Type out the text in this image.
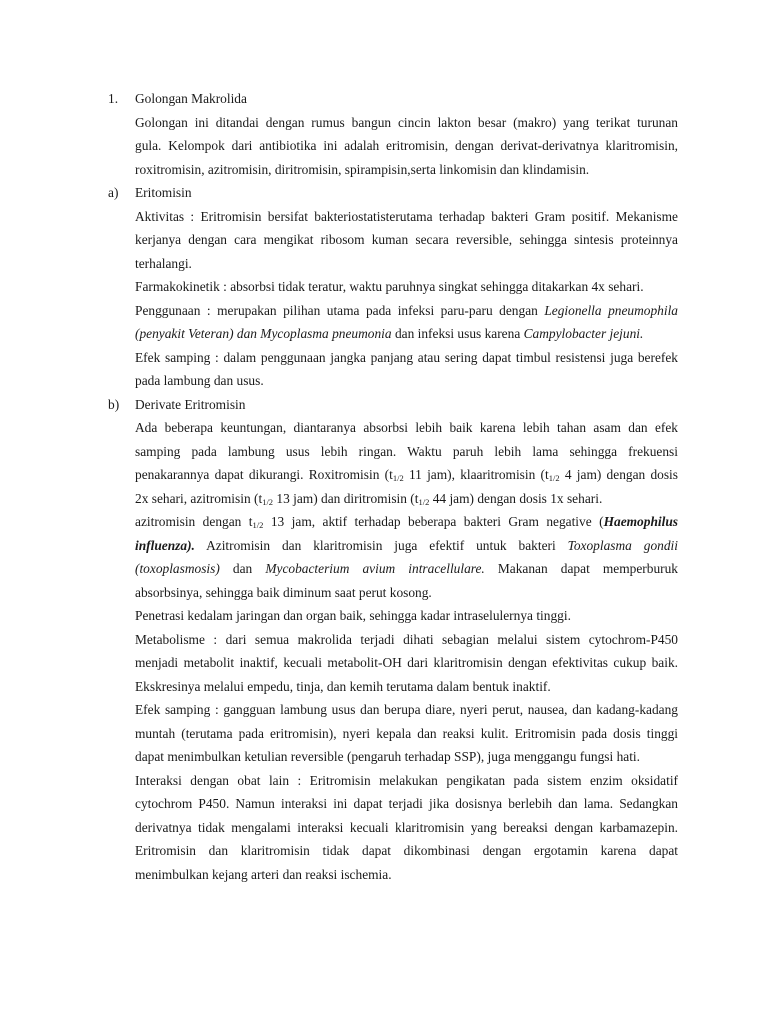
1. Golongan Makrolida
Golongan ini ditandai dengan rumus bangun cincin lakton besar (makro) yang terikat turunan
gula. Kelompok dari antibiotika ini adalah eritromisin, dengan derivat-derivatnya klaritromisin,
roxitromisin, azitromisin, diritromisin, spirampisin,serta linkomisin dan klindamisin.
a) Eritomisin
Aktivitas : Eritromisin bersifat bakteriostatisterutama terhadap bakteri Gram positif. Mekanisme
kerjanya dengan cara mengikat ribosom kuman secara reversible, sehingga sintesis proteinnya
terhalangi.
Farmakokinetik : absorbsi tidak teratur, waktu paruhnya singkat sehingga ditakarkan 4x sehari.
Penggunaan : merupakan pilihan utama pada infeksi paru-paru dengan Legionella pneumophila
(penyakit Veteran) dan Mycoplasma pneumonia dan infeksi usus karena Campylobacter jejuni.
Efek samping : dalam penggunaan jangka panjang atau sering dapat timbul resistensi juga berefek
pada lambung dan usus.
b) Derivate Eritromisin
Ada beberapa keuntungan, diantaranya absorbsi lebih baik karena lebih tahan asam dan efek
samping pada lambung usus lebih ringan. Waktu paruh lebih lama sehingga frekuensi
penakarannya dapat dikurangi. Roxitromisin ($t_{1/2}$ 11 jam), klaaritromisin ($t_{1/2}$ 4 jam) dengan dosis
2x sehari, azitromisin ($t_{1/2}$ 13 jam) dan diritromisin ($t_{1/2}$ 44 jam) dengan dosis 1x sehari.
azitromisin dengan $t_{1/2}$ 13 jam, aktif terhadap beberapa bakteri Gram negative (Haemophilus
influenza). Azitromisin dan klaritromisin juga efektif untuk bakteri Toxoplasma gondii
(toxoplasmosis) dan Mycobacterium avium intracellulare. Makanan dapat memperburuk
absorbsinya, sehingga baik diminum saat perut kosong.
Penetrasi kedalam jaringan dan organ baik, sehingga kadar intraselulernya tinggi.
Metabolisme : dari semua makrolida terjadi dihati sebagian melalui sistem cytochrom-P450
menjadi metabolit inaktif, kecuali metabolit-OH dari klaritromisin dengan efektivitas cukup baik.
Ekskresinya melalui empedu, tinja, dan kemih terutama dalam bentuk inaktif.
Efek samping : gangguan lambung usus dan berupa diare, nyeri perut, nausea, dan kadang-kadang
muntah (terutama pada eritromisin), nyeri kepala dan reaksi kulit. Eritromisin pada dosis tinggi
dapat menimbulkan ketulian reversible (pengaruh terhadap SSP), juga menggangu fungsi hati.
Interaksi dengan obat lain : Eritromisin melakukan pengikatan pada sistem enzim oksidatif
cytochrom P450. Namun interaksi ini dapat terjadi jika dosisnya berlebih dan lama. Sedangkan
derivatnya tidak mengalami interaksi kecuali klaritromisin yang bereaksi dengan karbamazepin.
Eritromisin dan klaritromisin tidak dapat dikombinasi dengan ergotamin karena dapat
menimbulkan kejang arteri dan reaksi ischemia.
